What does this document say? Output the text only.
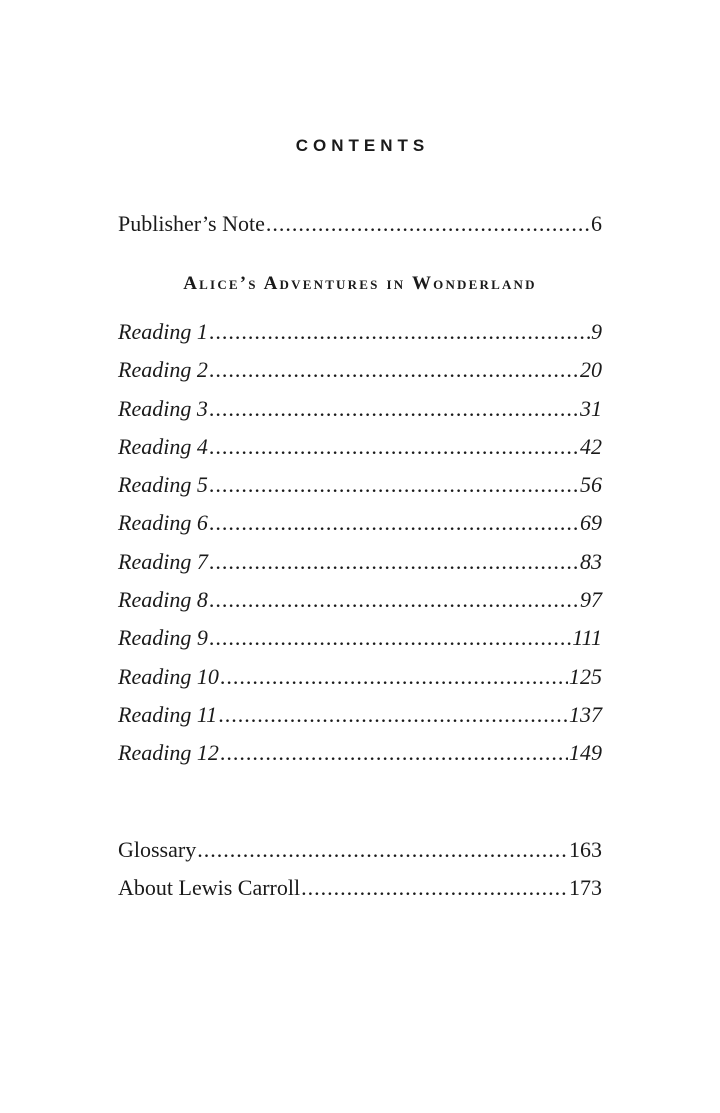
CONTENTS
Publisher’s Note .....	6
Alice’s Adventures in Wonderland
Reading 1 .....	9
Reading 2 .....	20
Reading 3 .....	31
Reading 4 .....	42
Reading 5 .....	56
Reading 6 .....	69
Reading 7 .....	83
Reading 8 .....	97
Reading 9 .....	111
Reading 10 .....	125
Reading 11 .....	137
Reading 12 .....	149
Glossary .....	163
About Lewis Carroll .....	173
